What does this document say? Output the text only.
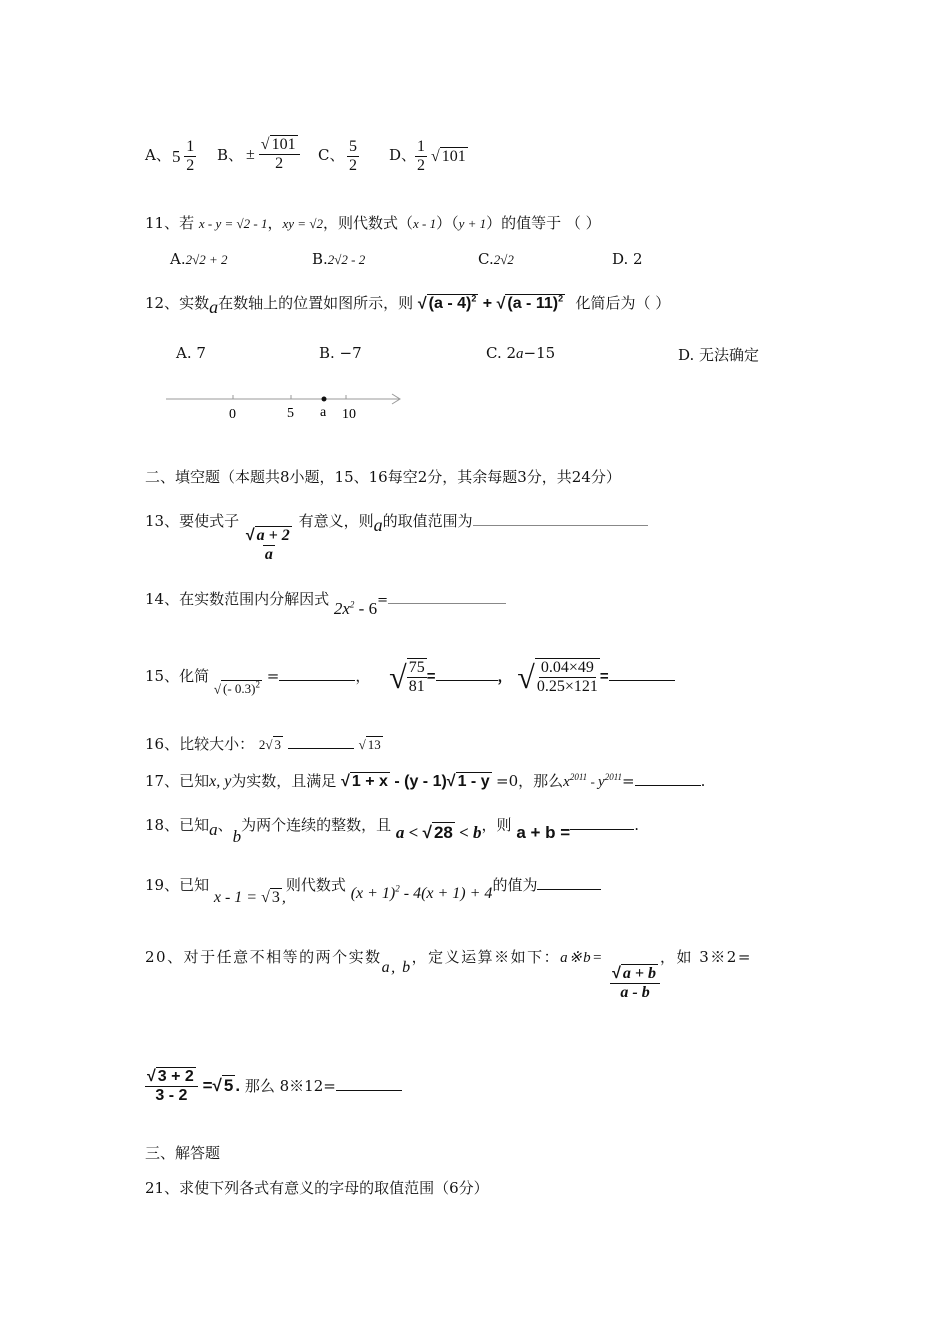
A、 $5 \frac{1}{2}$ B、 ± $\frac{√ 101}{2}$ C、 $\frac{5}{2}$ D、
$\frac{1}{2}$ √ 101
11、若 x - y = √2 - 1，xy = √2，则代数式（x - 1）（y + 1）的值等于 （ ）
A.2√2 + 2	B.2√2 - 2	C.2√2	D. 2
12、实数a在数轴上的位置如图所示，则 √ (a - 4)$^2$ + √ (a - 11)$^2$ 化简后为（ ）
A. 7	B. −7	C. 2a−15	D. 无法确定
0	5 a 10
二、填空题（本题共8小题，15、16每空2分，其余每题3分，共24分）
13、要使式子
$\frac{√ a + 2}{a}$
有意义，则a的取值范围为
14、在实数范围内分解因式 $2x^2 - 6=$
15、化简 √ (- 0.3)$^2$ =	， √ $\frac{75}{81}$ =	， √ $\frac{0.04\times 49}{0.25\times 121}$ =
16、比较大小： 2√ 3	√ 13
17、已知x, y为实数，且满足 √ 1 + x - (y - 1)√ 1 - y =0，那么$x^{2011} - y^{2011}=$	.
18、已知a、b为两个连续的整数，且 a < √ 28 < b，则 a + b =	.
19、已知 x - 1 = √ 3 ,则代数式 $(x + 1)^2 - 4(x + 1) + 4$的值为
20、对于任意不相等的两个实数a, b，定义运算※如下：a※b=
$\frac{√ a + b}{a - b}$
，如 3※2=
$\frac{√ 3 + 2}{3 - 2}$ =√ 5 . 那么 8※12=
三、解答题
21、求使下列各式有意义的字母的取值范围（6分）
